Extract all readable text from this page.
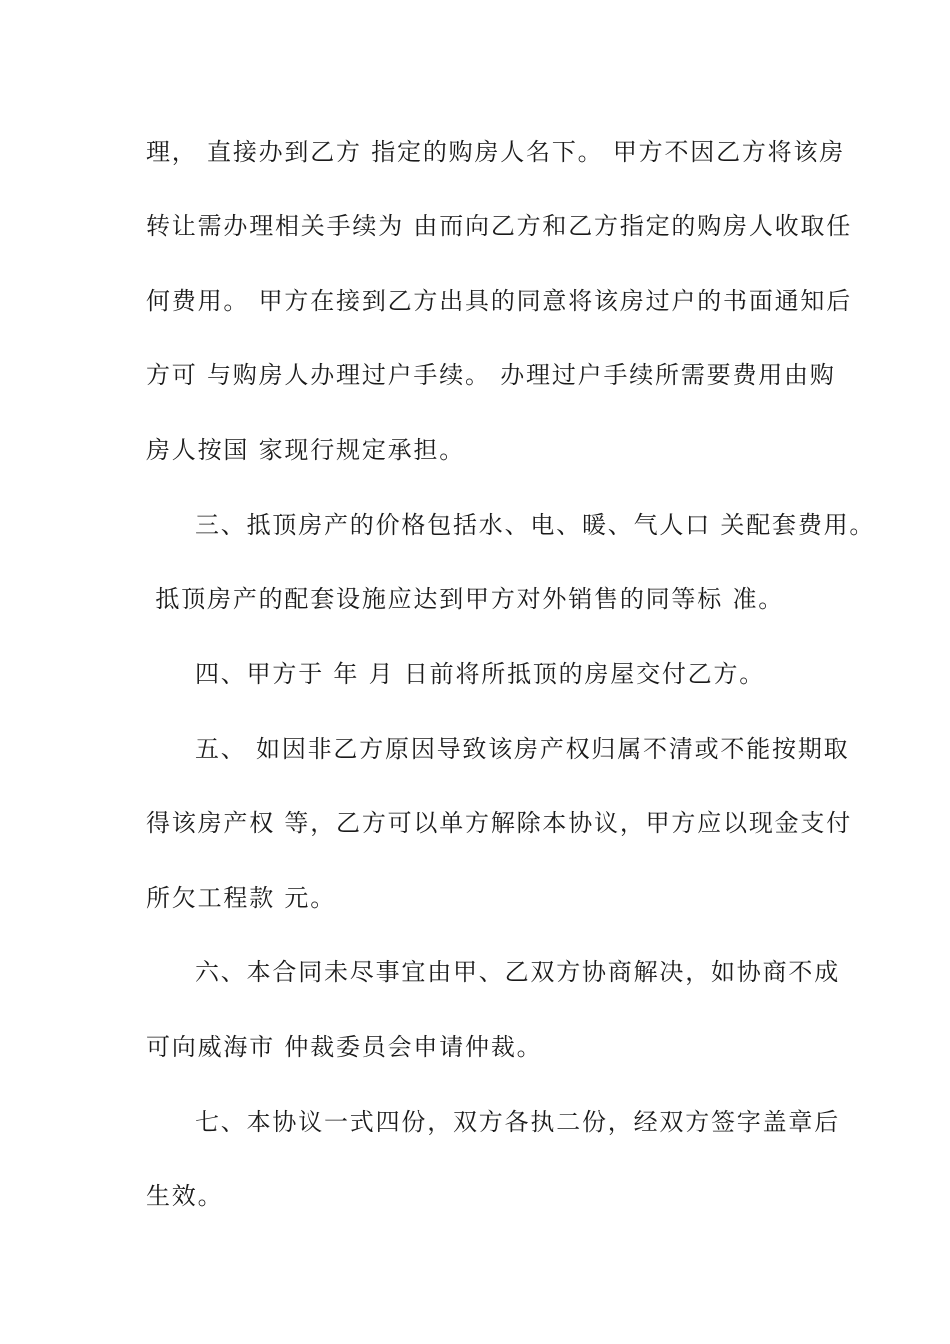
理， 直接办到乙方 指定的购房人名下。 甲方不因乙方将该房
转让需办理相关手续为 由而向乙方和乙方指定的购房人收取任
何费用。 甲方在接到乙方出具的同意将该房过户的书面通知后
方可 与购房人办理过户手续。 办理过户手续所需要费用由购
房人按国 家现行规定承担。
三、抵顶房产的价格包括水、电、暖、气人口 关配套费用。
抵顶房产的配套设施应达到甲方对外销售的同等标 准。
四、甲方于 年 月 日前将所抵顶的房屋交付乙方。
五、 如因非乙方原因导致该房产权归属不清或不能按期取
得该房产权 等，乙方可以单方解除本协议，甲方应以现金支付
所欠工程款 元。
六、本合同未尽事宜由甲、乙双方协商解决，如协商不成
可向威海市 仲裁委员会申请仲裁。
七、本协议一式四份，双方各执二份，经双方签字盖章后
生效。
